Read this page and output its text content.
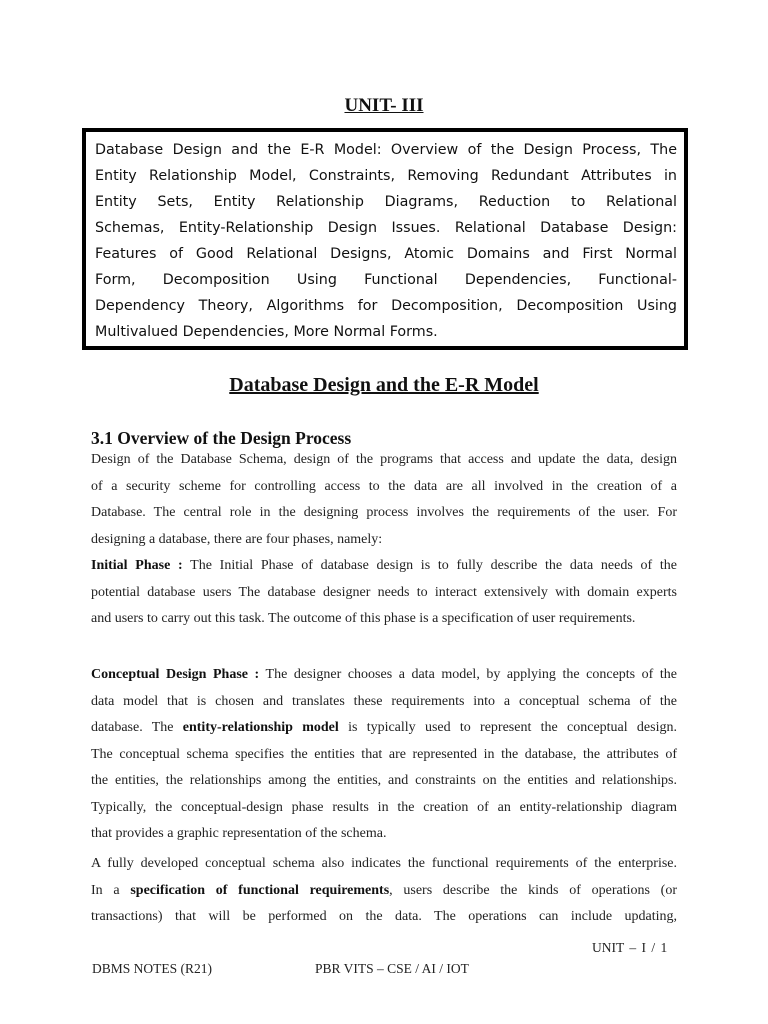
UNIT- III
Database Design and the E-R Model: Overview of the Design Process, The
Entity Relationship Model, Constraints, Removing Redundant Attributes in
Entity Sets, Entity Relationship Diagrams, Reduction to Relational
Schemas, Entity-Relationship Design Issues. Relational Database Design:
Features of Good Relational Designs, Atomic Domains and First Normal
Form, Decomposition Using Functional Dependencies, Functional-
Dependency Theory, Algorithms for Decomposition, Decomposition Using
Multivalued Dependencies, More Normal Forms.
Database Design and the E-R Model
3.1 Overview of the Design Process
Design of the Database Schema, design of the programs that access and update the data, design
of a security scheme for controlling access to the data are all involved in the creation of a
Database. The central role in the designing process involves the requirements of the user. For
designing a database, there are four phases, namely:
Initial Phase : The Initial Phase of database design is to fully describe the data needs of the
potential database users The database designer needs to interact extensively with domain experts
and users to carry out this task. The outcome of this phase is a specification of user requirements.
Conceptual Design Phase : The designer chooses a data model, by applying the concepts of the
data model that is chosen and translates these requirements into a conceptual schema of the
database. The entity-relationship model is typically used to represent the conceptual design.
The conceptual schema specifies the entities that are represented in the database, the attributes of
the entities, the relationships among the entities, and constraints on the entities and relationships.
Typically, the conceptual-design phase results in the creation of an entity-relationship diagram
that provides a graphic representation of the schema.
A fully developed conceptual schema also indicates the functional requirements of the enterprise.
In a specification of functional requirements, users describe the kinds of operations (or
transactions) that will be performed on the data. The operations can include updating,
UNIT – I / 1
DBMS NOTES (R21)	PBR VITS – CSE / AI / IOT
